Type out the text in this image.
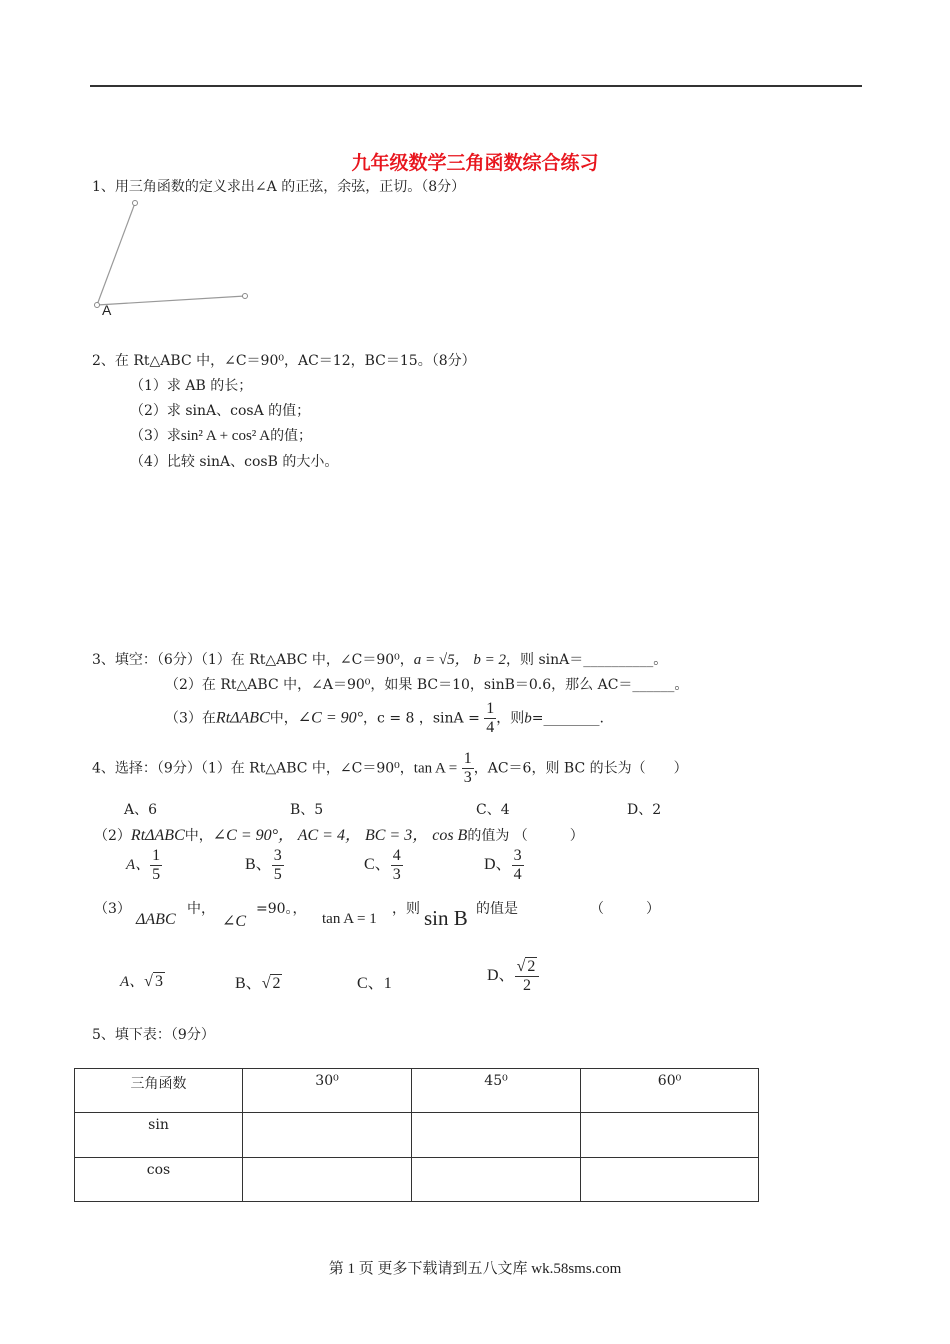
九年级数学三角函数综合练习
1、用三角函数的定义求出∠A 的正弦，余弦，正切。（8分）
A
2、在 Rt△ABC 中，∠C＝90⁰，AC＝12，BC＝15。（8分）
（1）求 AB 的长；
（2）求 sinA、cosA 的值；
（3）求sin² A + cos² A的值；
（4）比较 sinA、cosB 的大小。
3、填空：（6分）（1）在 Rt△ABC 中，∠C＝90⁰，a = √5， b = 2，则 sinA＝__________。
（2）在 Rt△ABC 中，∠A＝90⁰，如果 BC＝10，sinB＝0.6，那么 AC＝______。
（3）在RtΔABC中，∠C = 90°，c = 8 ，$\sin A = \frac{1}{4}$ ，则b=________.
4、选择：（9分）（1）在 Rt△ABC 中，∠C＝90⁰，$\tan A = \frac{1}{3}$ ，AC＝6，则 BC 的长为（　　）
A、6	B、5	C、4	D、2
（2）RtΔABC中，∠C = 90°， AC = 4， BC = 3， cos B的值为 （　　　）
A、 $\frac{1}{5}$	B、 $\frac{3}{5}$	C、 $\frac{4}{3}$	D、 $\frac{3}{4}$
（3）
ΔABC
中，
∠C
=90。，
tan A = 1
，则 sin B 的值是	（　　　）
A、√ 3	B、√ 2	C、1	D、 $\frac{√ 2}{2}$
5、填下表：（9分）
三角函数	30⁰	45⁰	60⁰
sin			
cos			
第 1 页 更多下载请到五八文库 wk.58sms.com
